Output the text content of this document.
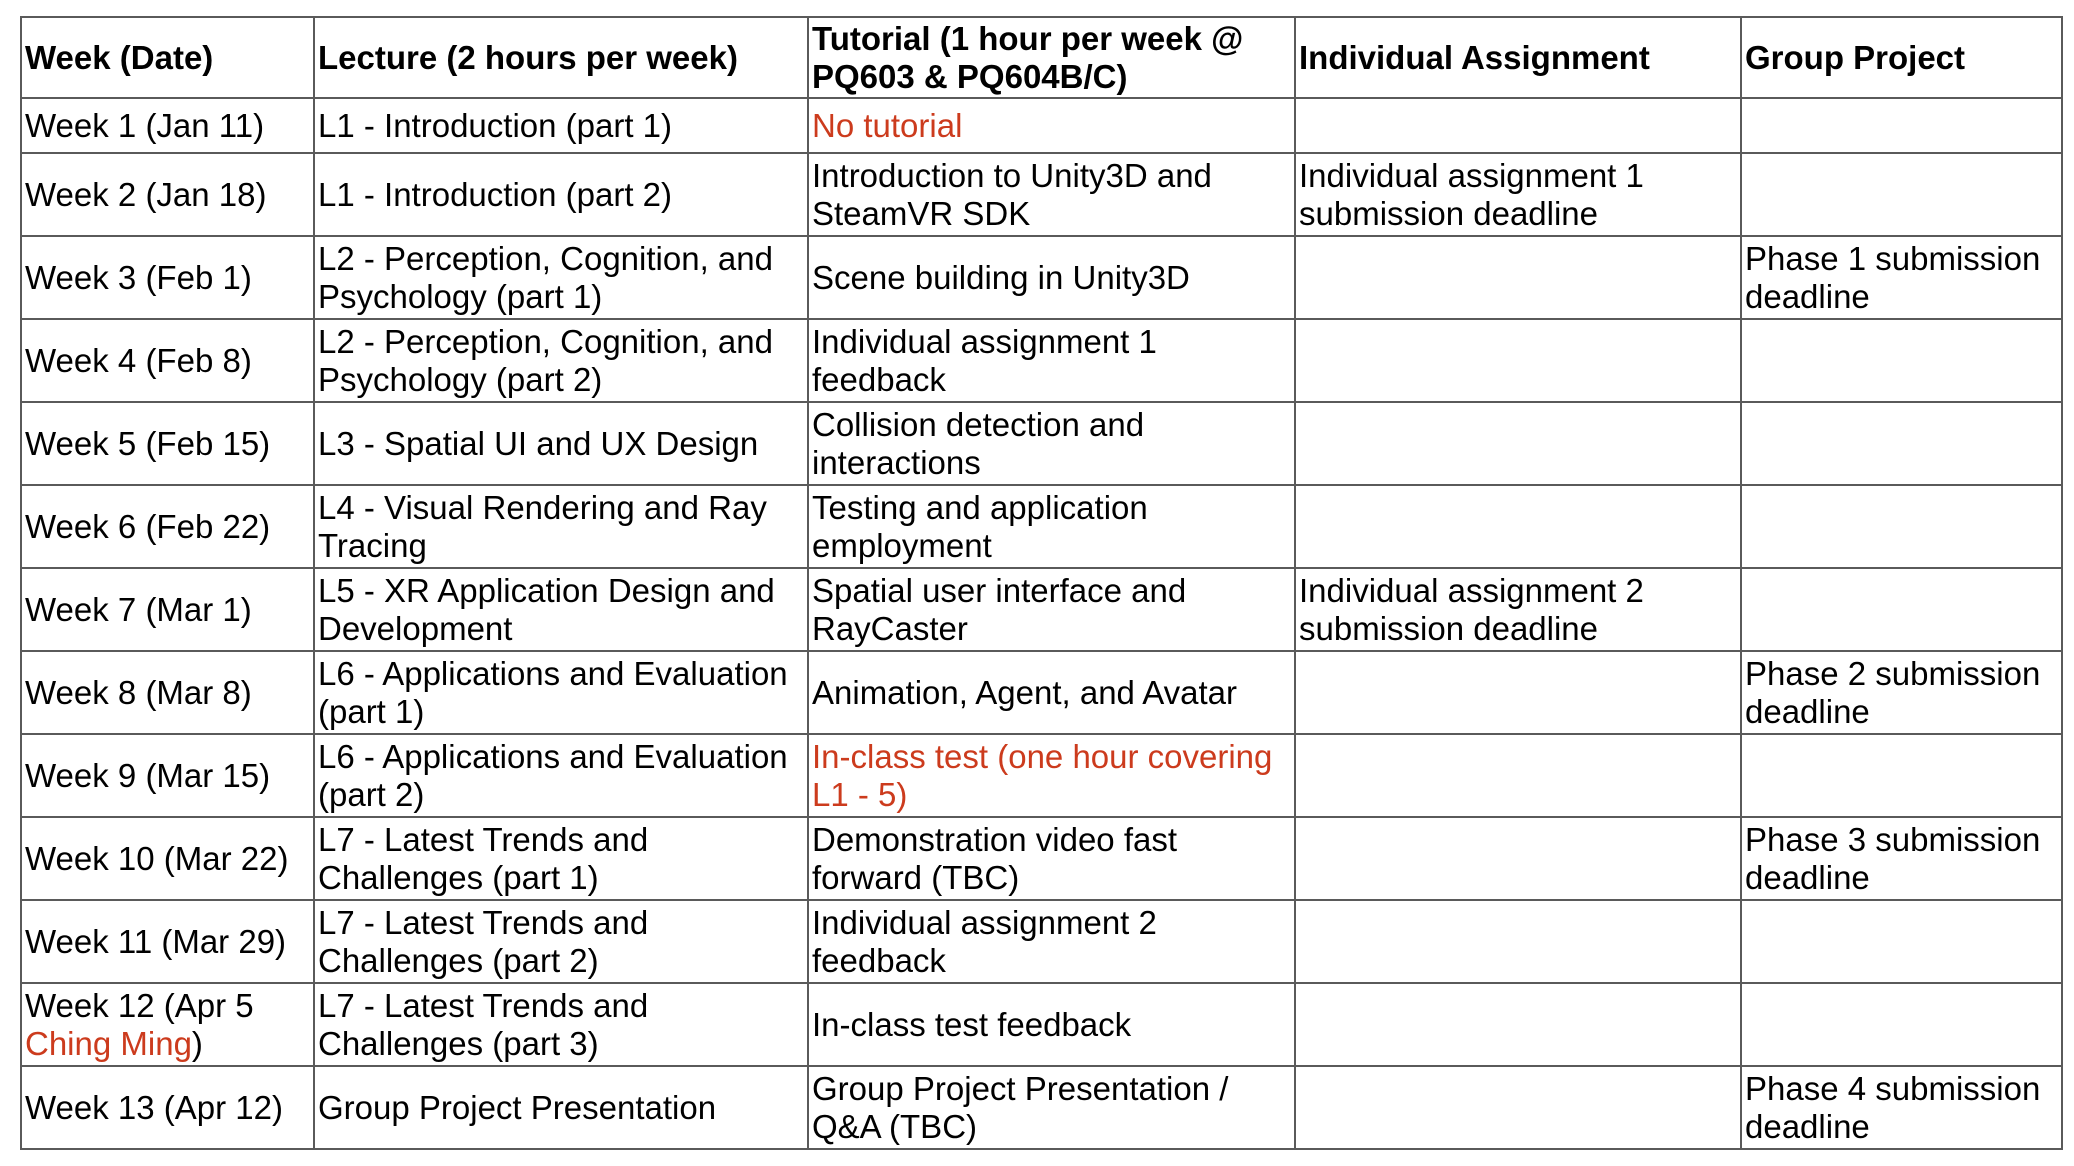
Week (Date)	Lecture (2 hours per week)	Tutorial (1 hour per week @ PQ603 & PQ604B/C)	Individual Assignment	Group Project
Week 1 (Jan 11)	L1 - Introduction (part 1)	No tutorial		
Week 2 (Jan 18)	L1 - Introduction (part 2)	Introduction to Unity3D and SteamVR SDK	Individual assignment 1 submission deadline	
Week 3 (Feb 1)	L2 - Perception, Cognition, and Psychology (part 1)	Scene building in Unity3D		Phase 1 submission deadline
Week 4 (Feb 8)	L2 - Perception, Cognition, and Psychology (part 2)	Individual assignment 1 feedback		
Week 5 (Feb 15)	L3 - Spatial UI and UX Design	Collision detection and interactions		
Week 6 (Feb 22)	L4 - Visual Rendering and Ray Tracing	Testing and application employment		
Week 7 (Mar 1)	L5 - XR Application Design and Development	Spatial user interface and RayCaster	Individual assignment 2 submission deadline	
Week 8 (Mar 8)	L6 - Applications and Evaluation (part 1)	Animation, Agent, and Avatar		Phase 2 submission deadline
Week 9 (Mar 15)	L6 - Applications and Evaluation (part 2)	In-class test (one hour covering L1 - 5)		
Week 10 (Mar 22)	L7 - Latest Trends and Challenges (part 1)	Demonstration video fast forward (TBC)		Phase 3 submission deadline
Week 11 (Mar 29)	L7 - Latest Trends and Challenges (part 2)	Individual assignment 2 feedback		
Week 12 (Apr 5 Ching Ming)	L7 - Latest Trends and Challenges (part 3)	In-class test feedback		
Week 13 (Apr 12)	Group Project Presentation	Group Project Presentation / Q&A (TBC)		Phase 4 submission deadline
